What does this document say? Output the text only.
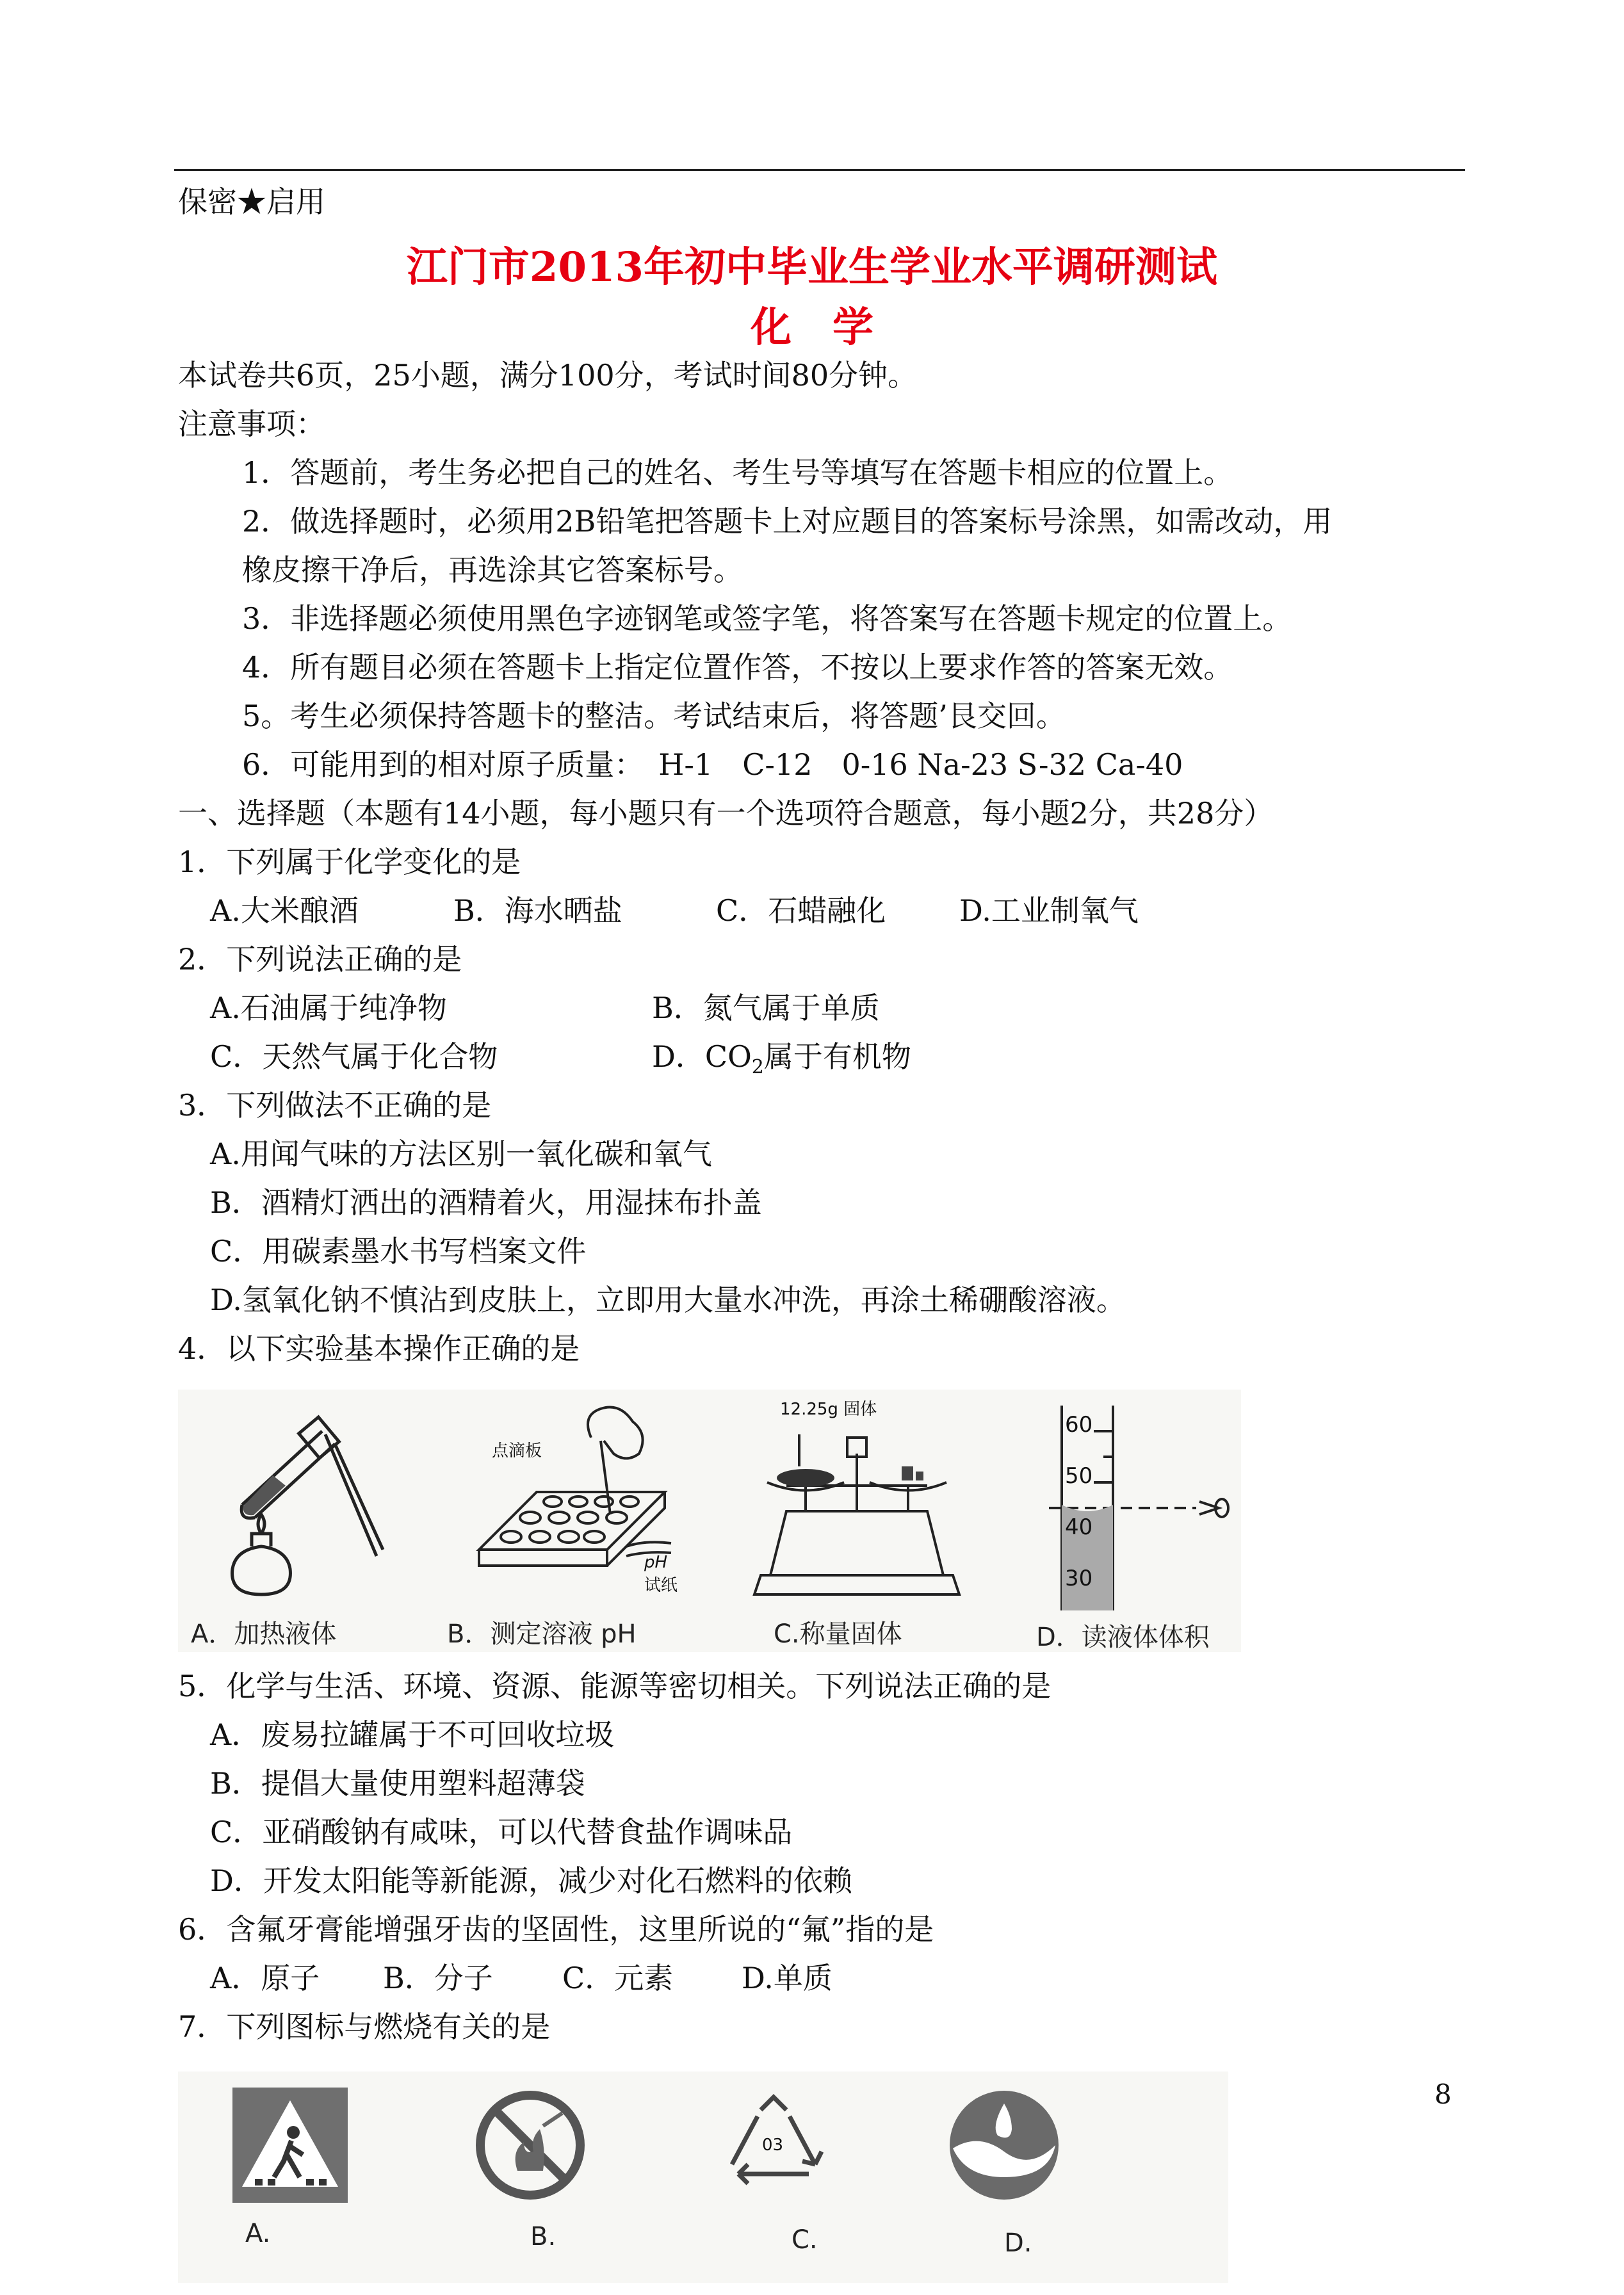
保密★启用
江门市2013年初中毕业生学业水平调研测试
化　学
本试卷共6页，25小题，满分100分，考试时间80分钟。
注意事项：
1．答题前，考生务必把自己的姓名、考生号等填写在答题卡相应的位置上。
2．做选择题时，必须用2B铅笔把答题卡上对应题目的答案标号涂黑，如需改动，用
橡皮擦干净后，再选涂其它答案标号。
3．非选择题必须使用黑色字迹钢笔或签字笔，将答案写在答题卡规定的位置上。
4．所有题目必须在答题卡上指定位置作答，不按以上要求作答的答案无效。
5。考生必须保持答题卡的整洁。考试结束后，将答题’艮交回。
6．可能用到的相对原子质量：　H-1　C-12　0-16 Na-23 S-32 Ca-40
一、选择题（本题有14小题，每小题只有一个选项符合题意，每小题2分，共28分）
1．下列属于化学变化的是
A.大米酿酒	B．海水晒盐	C．石蜡融化 D.工业制氧气
2．下列说法正确的是
A.石油属于纯净物	B．氮气属于单质
C．天然气属于化合物	D．$CO_2$属于有机物
3．下列做法不正确的是
A.用闻气味的方法区别一氧化碳和氧气
B．酒精灯洒出的酒精着火，用湿抹布扑盖
C．用碳素墨水书写档案文件
D.氢氧化钠不慎沾到皮肤上，立即用大量水冲洗，再涂土稀硼酸溶液。
4．以下实验基本操作正确的是
A．加热液体
点滴板
pH
试纸
B．测定溶液 pH
12.25g 固体
C.称量固体
60
50
40
30
D．读液体体积
5．化学与生活、环境、资源、能源等密切相关。下列说法正确的是
A．废易拉罐属于不可回收垃圾
B．提倡大量使用塑料超薄袋
C．亚硝酸钠有咸味，可以代替食盐作调味品
D．开发太阳能等新能源，减少对化石燃料的依赖
6．含氟牙膏能增强牙齿的坚固性，这里所说的“氟”指的是
A．原子 B．分子 C．元素 D.单质
7．下列图标与燃烧有关的是
A.	B.
03
C.	D.
8
